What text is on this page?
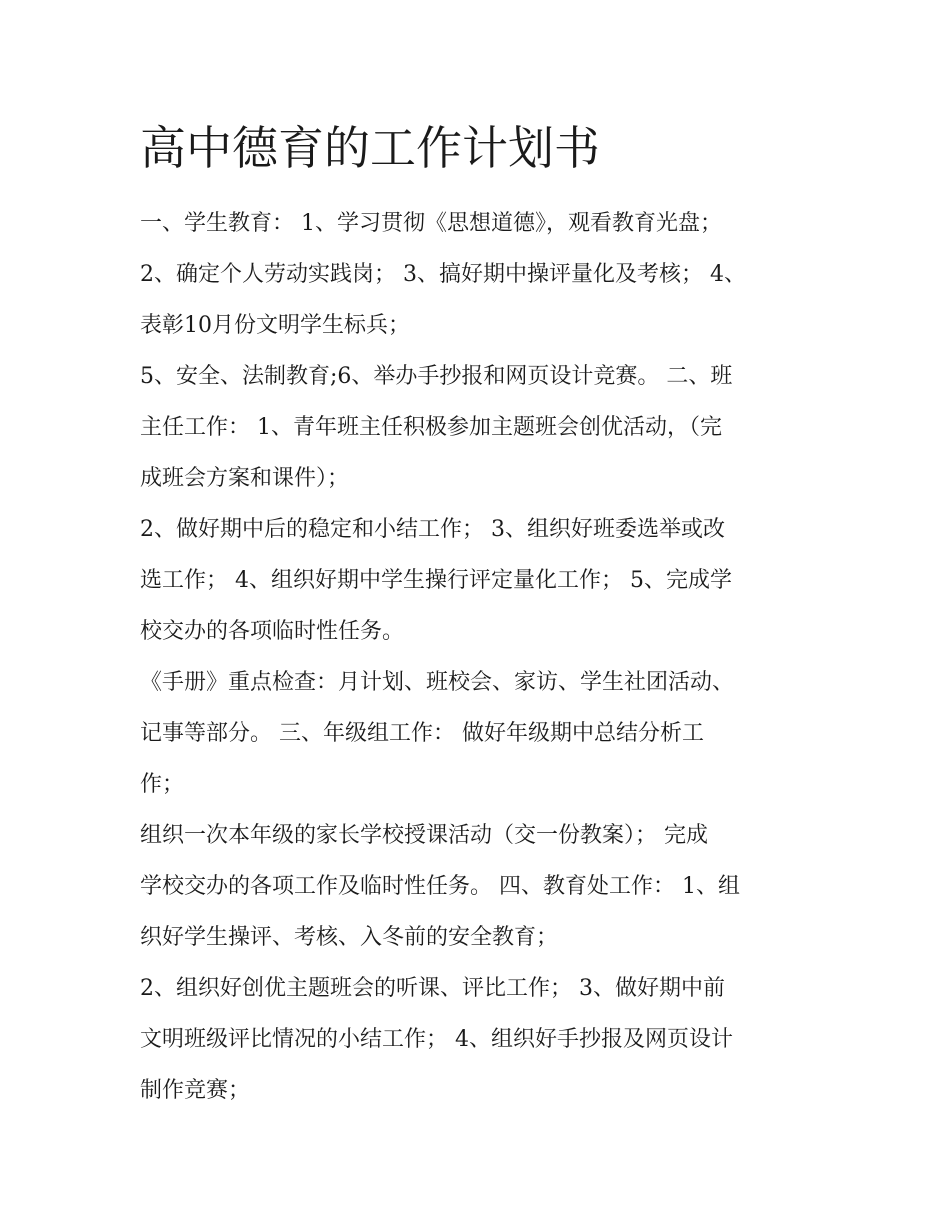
高中德育的工作计划书
一、学生教育： 1、学习贯彻《思想道德》，观看教育光盘；
2、确定个人劳动实践岗； 3、搞好期中操评量化及考核； 4、
表彰10月份文明学生标兵；
5、安全、法制教育;6、举办手抄报和网页设计竞赛。 二、班
主任工作： 1、青年班主任积极参加主题班会创优活动，（完
成班会方案和课件）；
2、做好期中后的稳定和小结工作； 3、组织好班委选举或改
选工作； 4、组织好期中学生操行评定量化工作； 5、完成学
校交办的各项临时性任务。
《手册》重点检查：月计划、班校会、家访、学生社团活动、
记事等部分。 三、年级组工作： 做好年级期中总结分析工
作；
组织一次本年级的家长学校授课活动（交一份教案）； 完成
学校交办的各项工作及临时性任务。 四、教育处工作： 1、组
织好学生操评、考核、入冬前的安全教育；
2、组织好创优主题班会的听课、评比工作； 3、做好期中前
文明班级评比情况的小结工作； 4、组织好手抄报及网页设计
制作竞赛；
